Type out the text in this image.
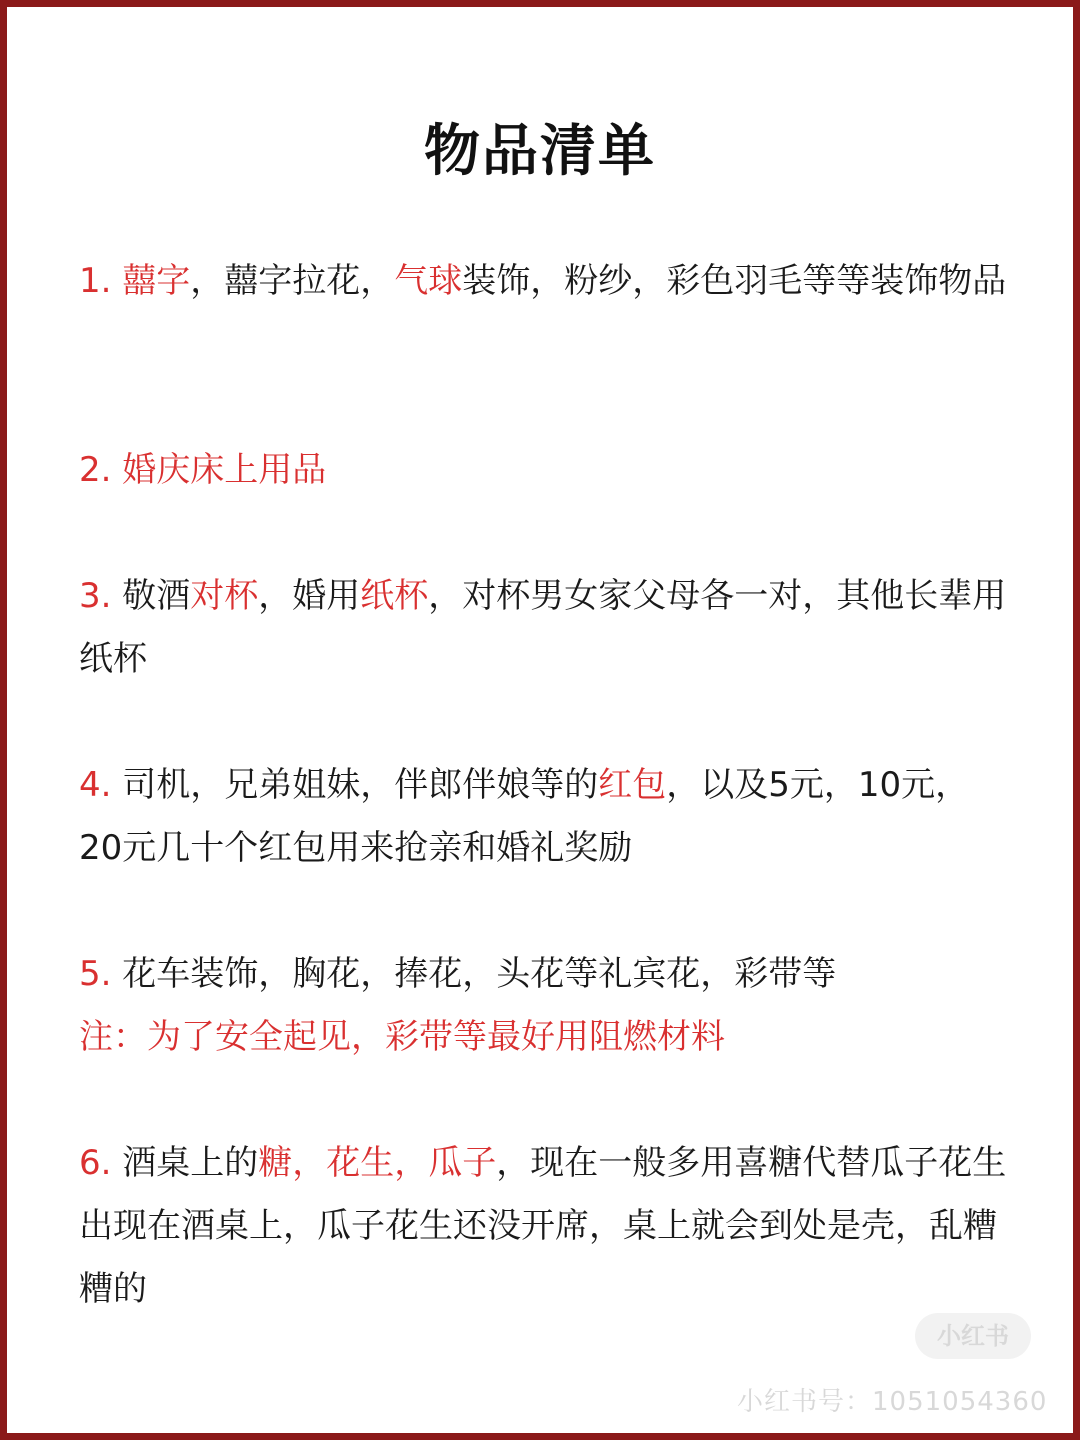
物品清单

1. 囍字，囍字拉花，气球装饰，粉纱，彩色羽毛等等装饰物品

2. 婚庆床上用品

3. 敬酒对杯，婚用纸杯，对杯男女家父母各一对，其他长辈用纸杯

4. 司机，兄弟姐妹，伴郎伴娘等的红包，以及5元，10元，20元几十个红包用来抢亲和婚礼奖励

5. 花车装饰，胸花，捧花，头花等礼宾花，彩带等
注：为了安全起见，彩带等最好用阻燃材料

6. 酒桌上的糖，花生，瓜子，现在一般多用喜糖代替瓜子花生出现在酒桌上，瓜子花生还没开席，桌上就会到处是壳，乱糟糟的

小红书
小红书号：1051054360
